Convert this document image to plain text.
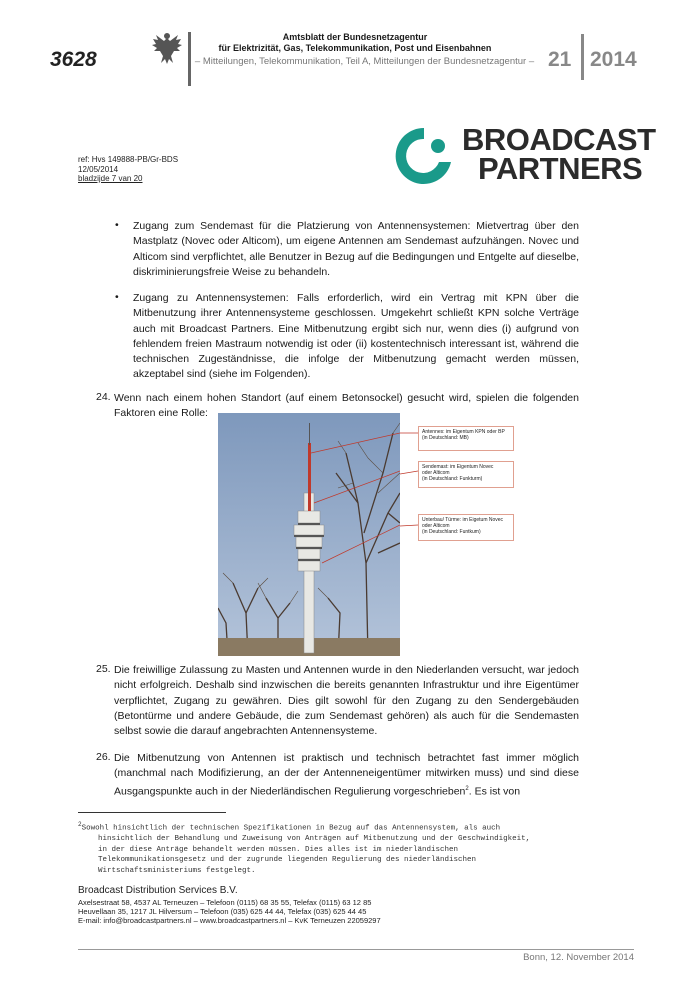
3628
Amtsblatt der Bundesnetzagentur
für Elektrizität, Gas, Telekommunikation, Post und Eisenbahnen
– Mitteilungen, Telekommunikation, Teil A, Mitteilungen der Bundesnetzagentur – 21 2014
ref: Hvs 149888-PB/Gr-BDS
12/05/2014
bladzijde 7 van 20
BROADCAST
PARTNERS
• Zugang zum Sendemast für die Platzierung von Antennensystemen: Mietvertrag über den Mastplatz (Novec oder Alticom), um eigene Antennen am Sendemast aufzuhängen. Novec und Alticom sind verpflichtet, alle Benutzer in Bezug auf die Bedingungen und Entgelte auf dieselbe, diskriminierungsfreie Weise zu behandeln.
• Zugang zu Antennensystemen: Falls erforderlich, wird ein Vertrag mit KPN über die Mitbenutzung ihrer Antennensysteme geschlossen. Umgekehrt schließt KPN solche Verträge auch mit Broadcast Partners. Eine Mitbenutzung ergibt sich nur, wenn dies (i) aufgrund von fehlendem freien Mastraum notwendig ist oder (ii) kostentechnisch interessant ist, während die technischen Zugeständnisse, die infolge der Mitbenutzung gemacht werden müssen, akzeptabel sind (siehe im Folgenden).
24. Wenn nach einem hohen Standort (auf einem Betonsockel) gesucht wird, spielen die folgenden Faktoren eine Rolle:
Antennes: im Eigentum KPN oder BP
(in Deutschland: MB)
Sendemast: im Eigentum Novec
oder Alticom
(in Deutschland: Funkturm)
Unterbau/ Türme: im Eigetum Novec
oder Alticom
(in Deutschland: Funtkum)
25. Die freiwillige Zulassung zu Masten und Antennen wurde in den Niederlanden versucht, war jedoch nicht erfolgreich. Deshalb sind inzwischen die bereits genannten Infrastruktur und ihre Eigentümer verpflichtet, Zugang zu gewähren. Dies gilt sowohl für den Zugang zu den Sendergebäuden (Betontürme und andere Gebäude, die zum Sendemast gehören) als auch für die Sendemasten selbst sowie die darauf angebrachten Antennensysteme.
26. Die Mitbenutzung von Antennen ist praktisch und technisch betrachtet fast immer möglich (manchmal nach Modifizierung, an der der Antenneneigentümer mitwirken muss) und sind diese Ausgangspunkte auch in der Niederländischen Regulierung vorgeschrieben$^2$. Es ist von
$^2$Sowohl hinsichtlich der technischen Spezifikationen in Bezug auf das Antennensystem, als auch
hinsichtlich der Behandlung und Zuweisung von Anträgen auf Mitbenutzung und der Geschwindigkeit,
in der diese Anträge behandelt werden müssen. Dies alles ist im niederländischen
Telekommunikationsgesetz und der zugrunde liegenden Regulierung des niederländischen
Wirtschaftsministeriums festgelegt.
Broadcast Distribution Services B.V.
Axelsestraat 58, 4537 AL Terneuzen – Telefoon (0115) 68 35 55, Telefax (0115) 63 12 85
Heuvellaan 35, 1217 JL Hilversum – Telefoon (035) 625 44 44, Telefax (035) 625 44 45
E-mail: info@broadcastpartners.nl – www.broadcastpartners.nl – KvK Terneuzen 22059297
Bonn, 12. November 2014
